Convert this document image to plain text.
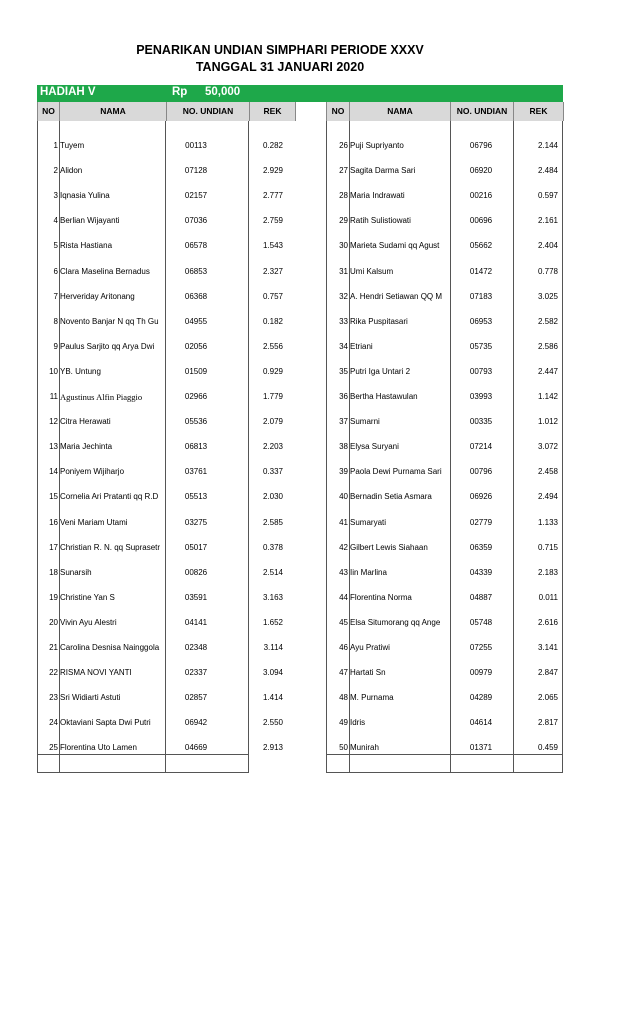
PENARIKAN UNDIAN SIMPHARI PERIODE XXXV
TANGGAL 31 JANUARI 2020
HADIAH V	Rp 50,000
NO	NAMA	NO. UNDIAN	REK	NO	NAMA	NO. UNDIAN	REK
1 Tuyem	00113	0.282
2 Alidon	07128	2.929
3 Iqnasia Yulina	02157	2.777
4 Berlian Wijayanti	07036	2.759
5 Rista Hastiana	06578	1.543
6 Clara Maselina Bernadus	06853	2.327
7 Herveriday Aritonang	06368	0.757
8 Novento Banjar N qq Th Gu	04955	0.182
9 Paulus Sarjito qq Arya Dwi	02056	2.556
10 YB. Untung	01509	0.929
11 Agustinus Alfin Piaggio	02966	1.779
12 Citra Herawati	05536	2.079
13 Maria Jechinta	06813	2.203
14 Poniyem Wijiharjo	03761	0.337
15 Cornelia Ari Pratanti qq R.D	05513	2.030
16 Veni Mariam Utami	03275	2.585
17 Christian R. N. qq Suprasetr	05017	0.378
18 Sunarsih	00826	2.514
19 Christine Yan S	03591	3.163
20 Vivin Ayu Alestri	04141	1.652
21 Carolina Desnisa Nainggola	02348	3.114
22 RISMA NOVI YANTI	02337	3.094
23 Sri Widiarti Astuti	02857	1.414
24 Oktaviani Sapta Dwi Putri	06942	2.550
25 Florentina Uto Lamen	04669	2.913
26 Puji Supriyanto	06796	2.144
27 Sagita Darma Sari	06920	2.484
28 Maria Indrawati	00216	0.597
29 Ratih Sulistiowati	00696	2.161
30 Marieta Sudami qq Agust	05662	2.404
31 Umi Kalsum	01472	0.778
32 A. Hendri Setiawan QQ M	07183	3.025
33 Rika Puspitasari	06953	2.582
34 Etriani	05735	2.586
35 Putri Iga Untari 2	00793	2.447
36 Bertha Hastawulan	03993	1.142
37 Sumarni	00335	1.012
38 Elysa Suryani	07214	3.072
39 Paola Dewi Purnama Sari	00796	2.458
40 Bernadin Setia Asmara	06926	2.494
41 Sumaryati	02779	1.133
42 Gilbert Lewis Siahaan	06359	0.715
43 Iin Marlina	04339	2.183
44 Florentina Norma	04887	0.011
45 Elsa Situmorang qq Ange	05748	2.616
46 Ayu Pratiwi	07255	3.141
47 Hartati Sn	00979	2.847
48 M. Purnama	04289	2.065
49 Idris	04614	2.817
50 Munirah	01371	0.459
